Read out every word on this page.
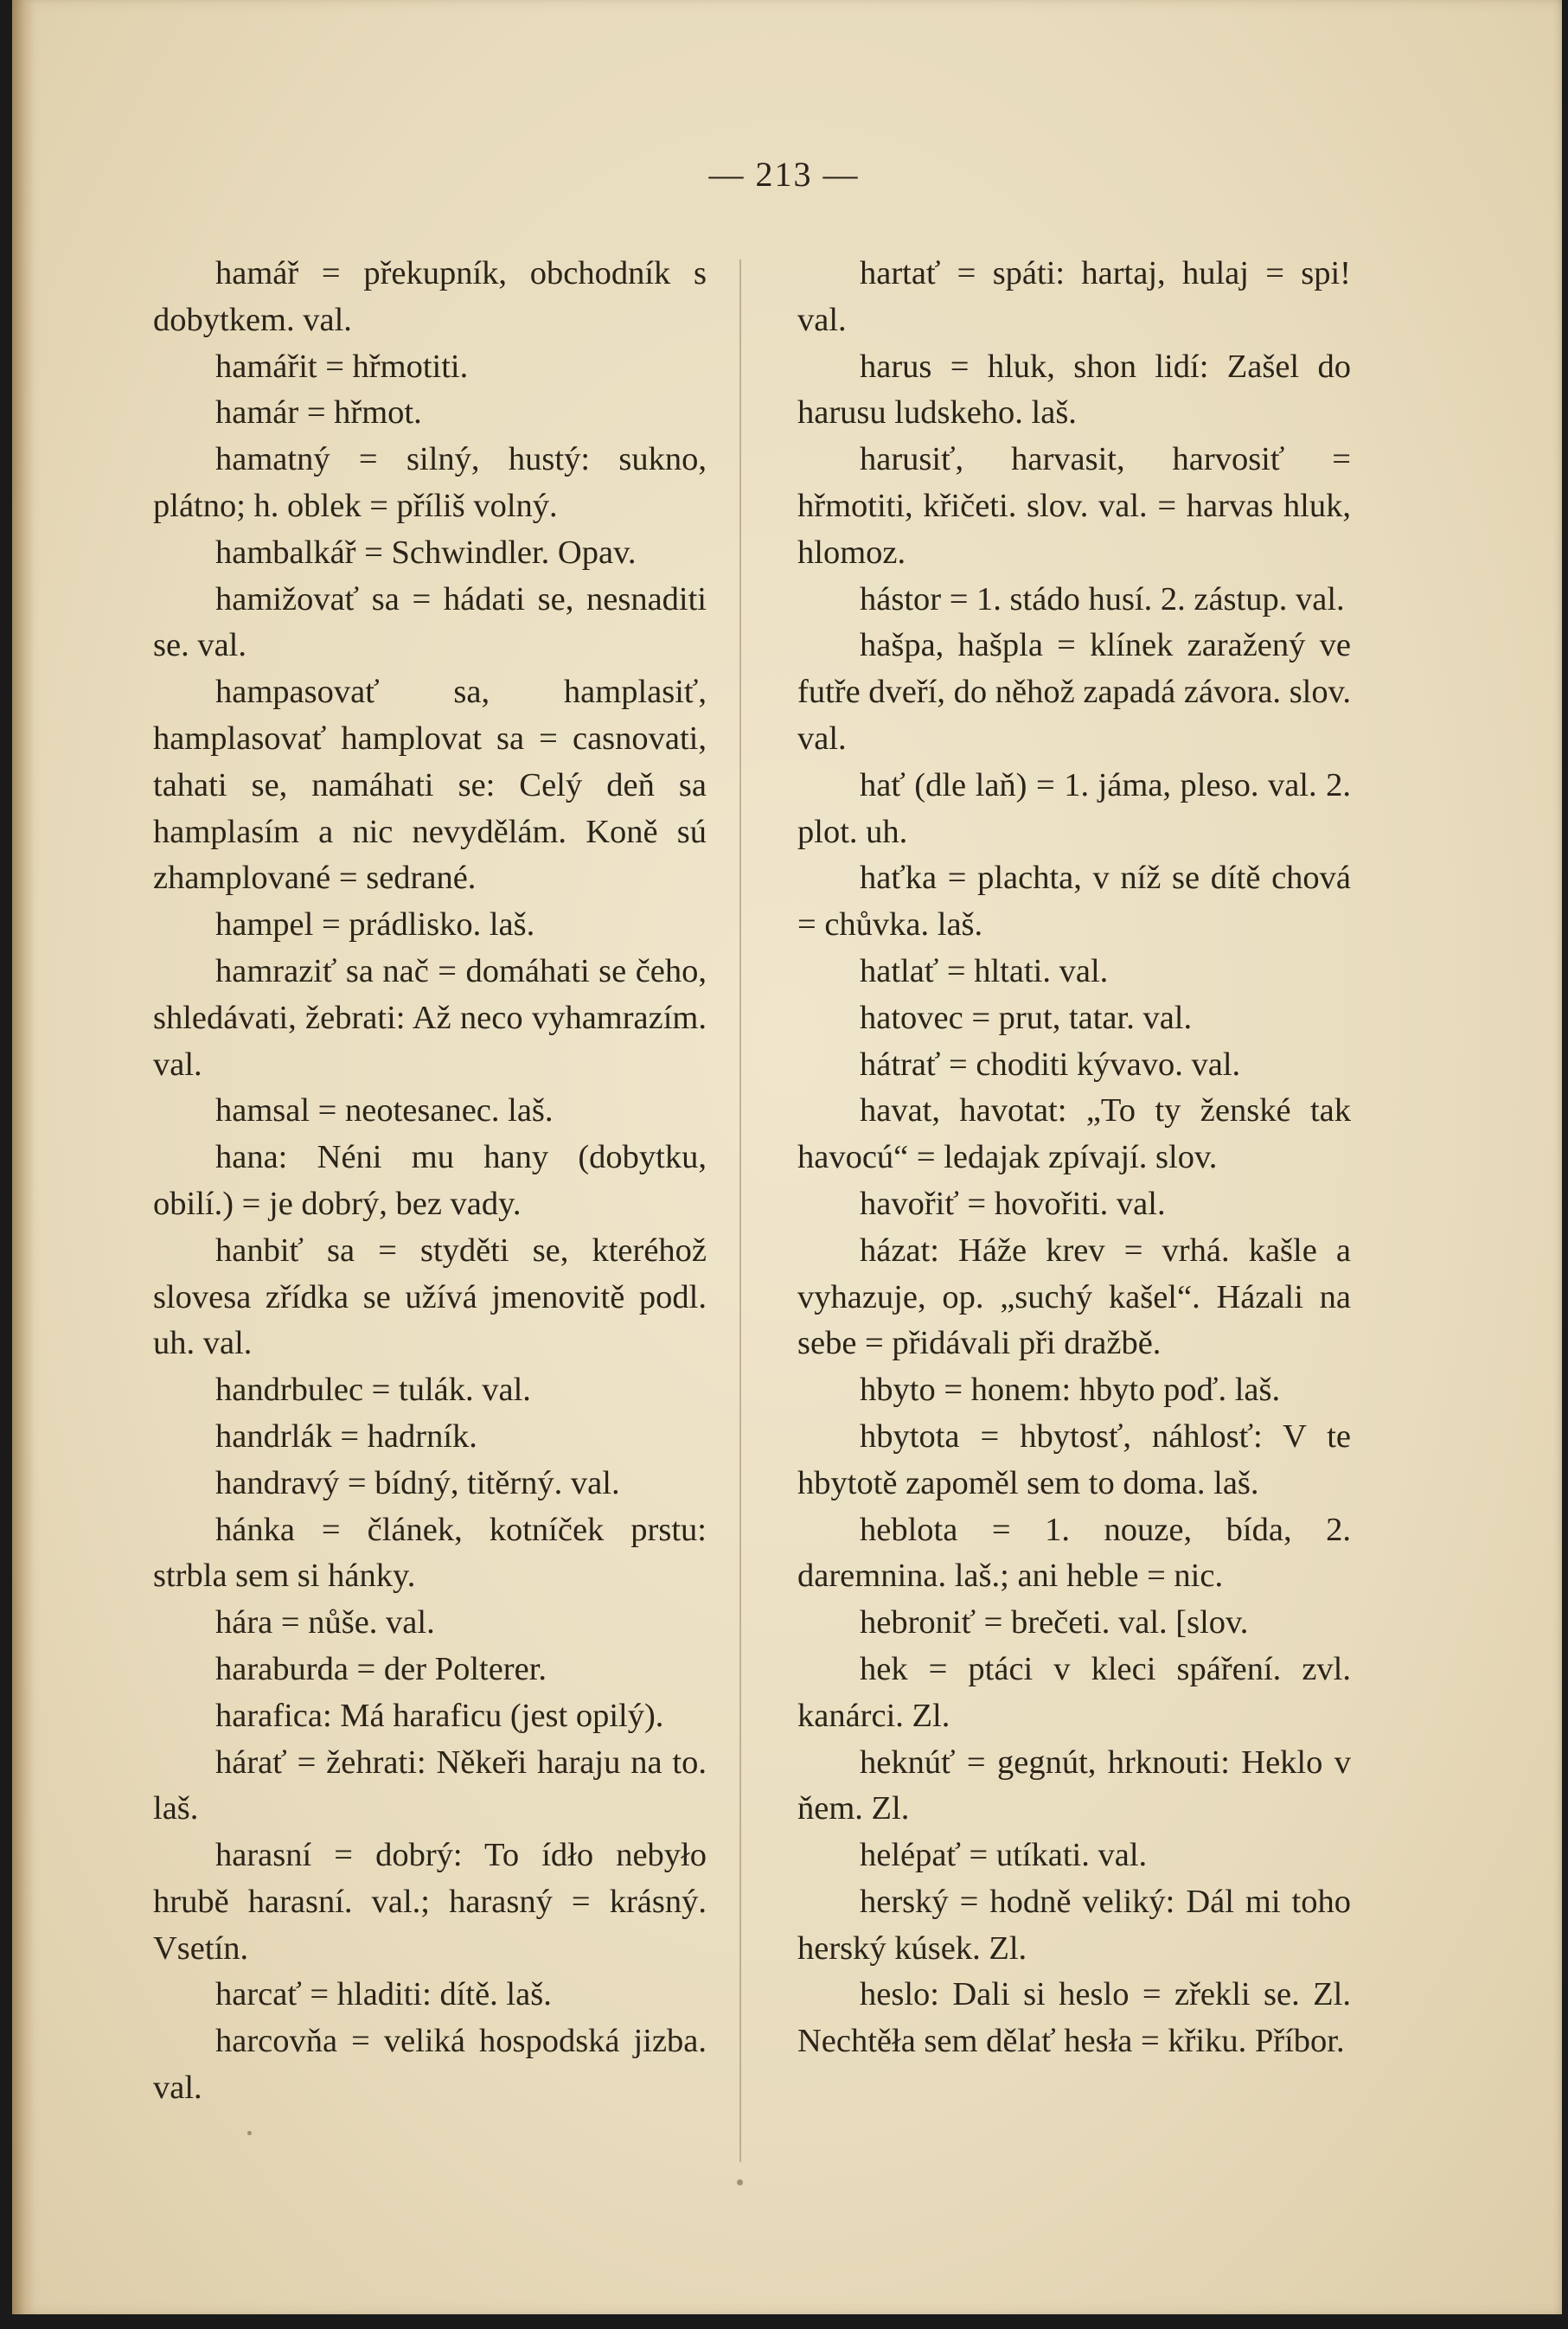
— 213 —

hamář = překupník, obchodník s dobytkem. val.

hamářit = hřmotiti.

hamár = hřmot.

hamatný = silný, hustý: sukno, plátno; h. oblek = příliš volný.

hambalkář = Schwindler. Opav.

hamižovať sa = hádati se, nesnaditi se. val.

hampasovať sa, hamplasiť, hamplasovať hamplovat sa = casnovati, tahati se, namáhati se: Celý deň sa hamplasím a nic nevydělám. Koně sú zhamplované = sedrané.

hampel = prádlisko. laš.

hamraziť sa nač = domáhati se čeho, shledávati, žebrati: Až neco vyhamrazím. val.

hamsal = neotesanec. laš.

hana: Néni mu hany (dobytku, obilí.) = je dobrý, bez vady.

hanbiť sa = styděti se, kteréhož slovesa zřídka se užívá jmenovitě podl. uh. val.

handrbulec = tulák. val.

handrlák = hadrník.

handravý = bídný, titěrný. val.

hánka = článek, kotníček prstu: strbla sem si hánky.

hára = nůše. val.

haraburda = der Polterer.

harafica: Má haraficu (jest opilý).

hárať = žehrati: Někeři haraju na to. laš.

harasní = dobrý: To ídło nebyło hrubě harasní. val.; harasný = krásný. Vsetín.

harcať = hladiti: dítě. laš.

harcovňa = veliká hospodská jizba. val.

hartať = spáti: hartaj, hulaj = spi! val.

harus = hluk, shon lidí: Zašel do harusu ludskeho. laš.

harusiť, harvasit, harvosiť = hřmotiti, křičeti. slov. val. = harvas hluk, hlomoz.

hástor = 1. stádo husí. 2. zástup. val.

hašpa, hašpla = klínek zaražený ve futře dveří, do něhož zapadá závora. slov. val.

hať (dle laň) = 1. jáma, pleso. val. 2. plot. uh.

haťka = plachta, v níž se dítě chová = chůvka. laš.

hatlať = hltati. val.

hatovec = prut, tatar. val.

hátrať = choditi kývavo. val.

havat, havotat: „To ty ženské tak havocú“ = ledajak zpívají. slov.

havořiť = hovořiti. val.

házat: Háže krev = vrhá. kašle a vyhazuje, op. „suchý kašel“. Házali na sebe = přidávali při dražbě.

hbyto = honem: hbyto poď. laš.

hbytota = hbytosť, náhlosť: V te hbytotě zapoměl sem to doma. laš.

heblota = 1. nouze, bída, 2. daremnina. laš.; ani heble = nic.

hebroniť = brečeti. val. [slov.

hek = ptáci v kleci spáření. zvl. kanárci. Zl.

heknúť = gegnút, hrknouti: Heklo v ňem. Zl.

helépať = utíkati. val.

herský = hodně veliký: Dál mi toho herský kúsek. Zl.

heslo: Dali si heslo = zřekli se. Zl. Nechtěła sem dělať hesła = křiku. Příbor.
